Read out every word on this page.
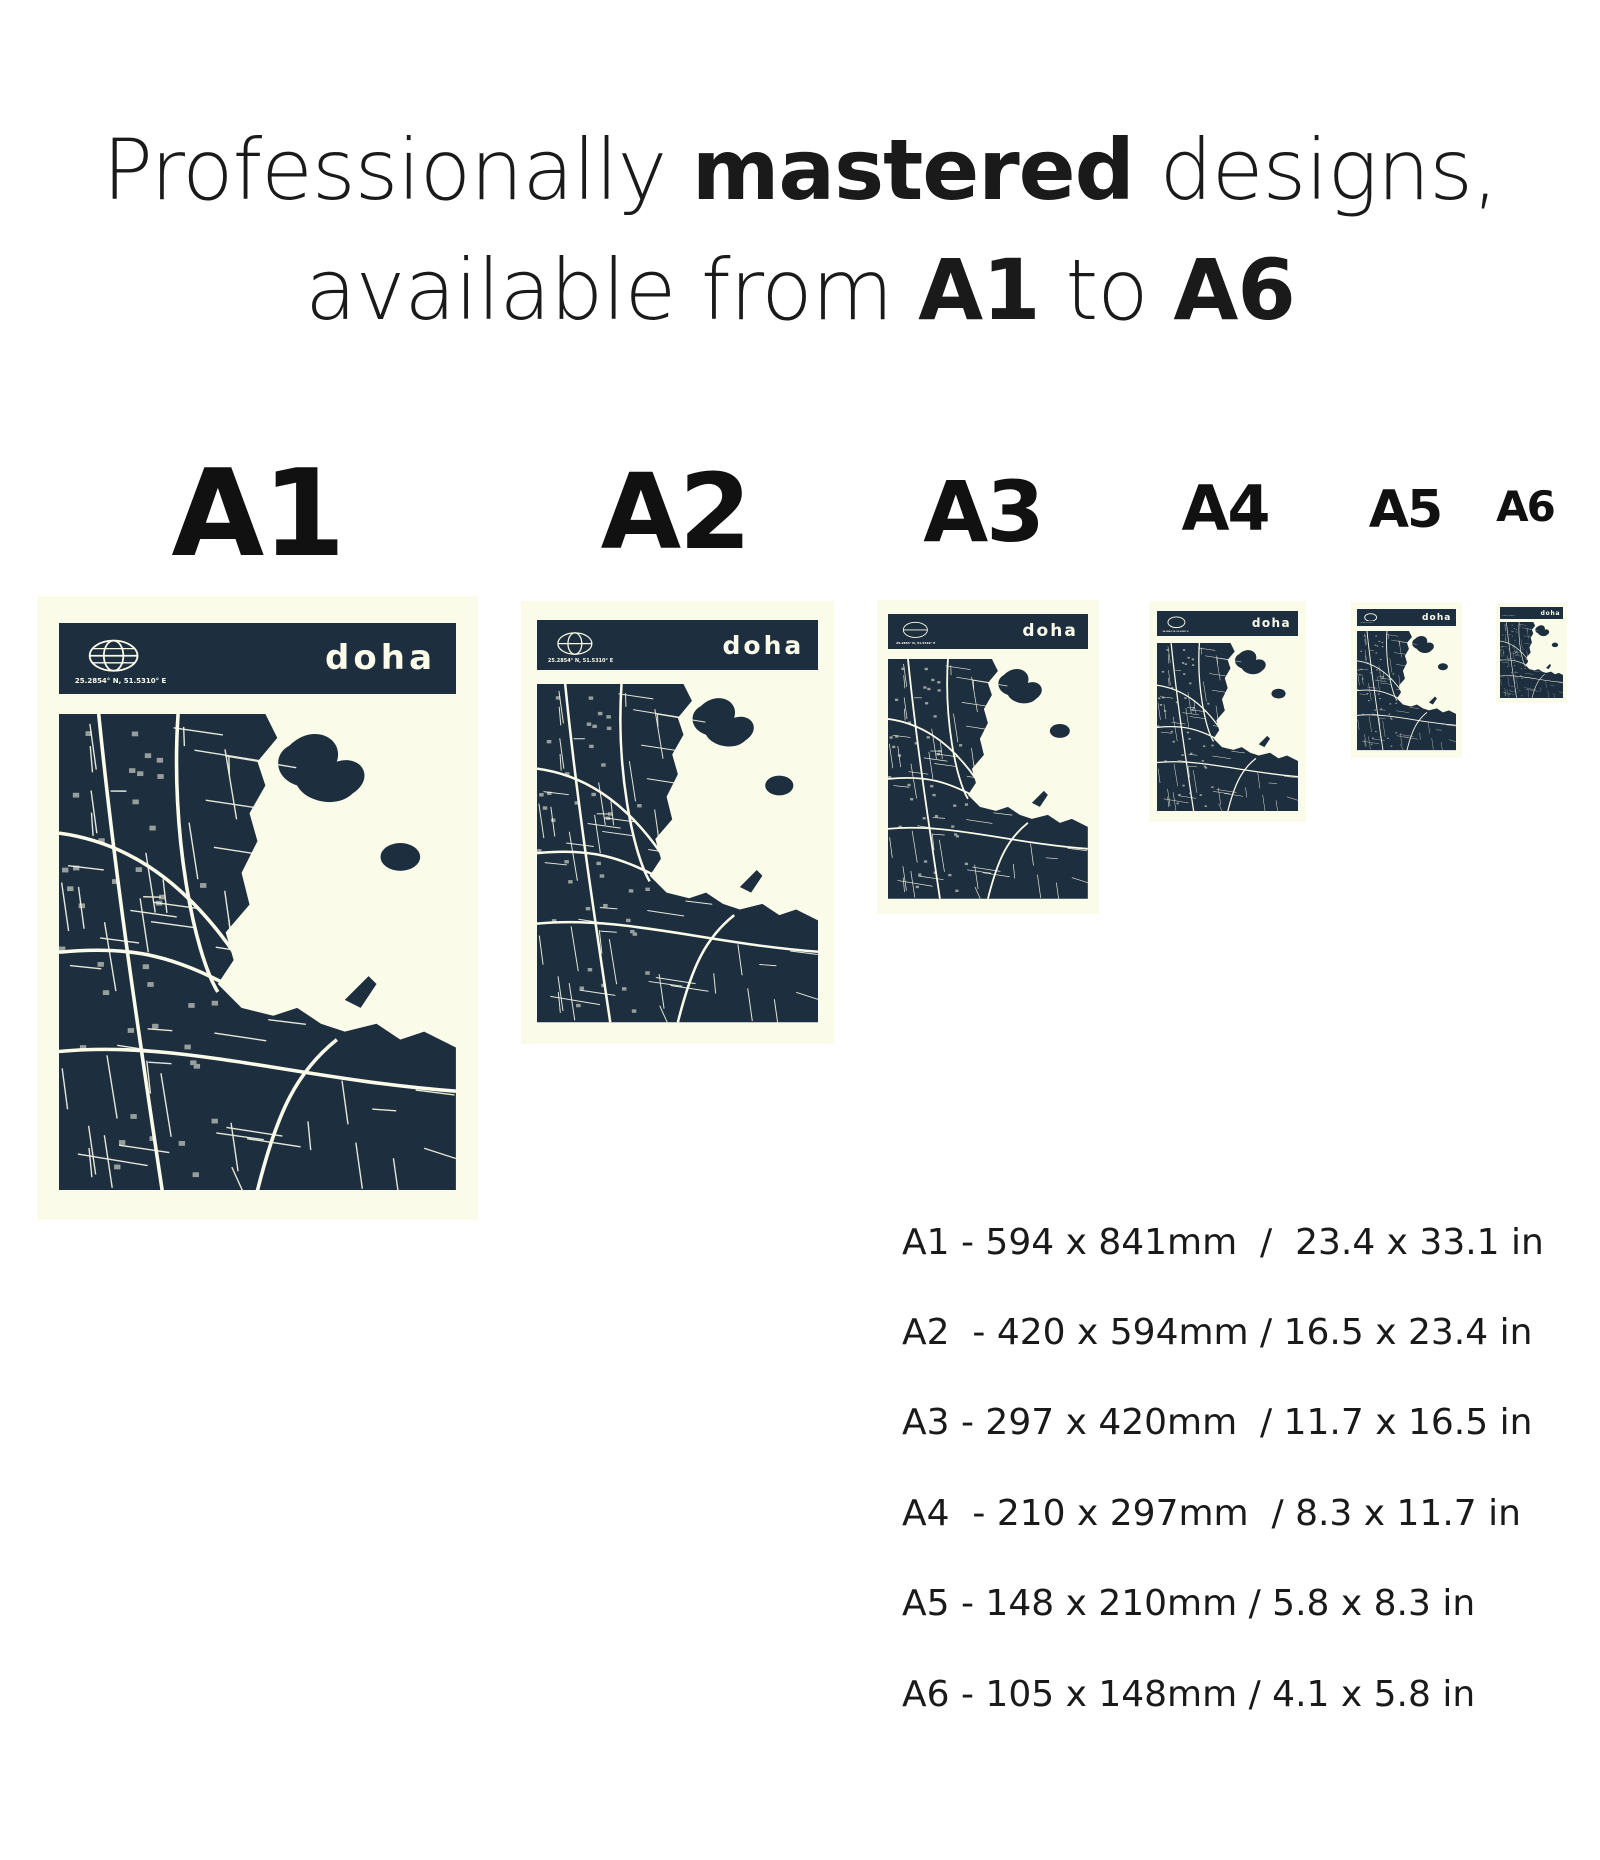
Professionally mastered designs,
available from A1 to A6
A1 A2 A3 A4 A5 A6
doha
25.2854° N, 51.5310° E
doha
25.2854° N, 51.5310° E
doha
25.2854° N, 51.5310° E
doha
25.2854° N, 51.5310° E
doha
25.2854° N, 51.5310° E
doha
25.2854° N, 51.5310° E
A1 - 594 x 841mm  /  23.4 x 33.1 in
A2  - 420 x 594mm / 16.5 x 23.4 in
A3 - 297 x 420mm  / 11.7 x 16.5 in
A4  - 210 x 297mm  / 8.3 x 11.7 in
A5 - 148 x 210mm / 5.8 x 8.3 in
A6 - 105 x 148mm / 4.1 x 5.8 in
